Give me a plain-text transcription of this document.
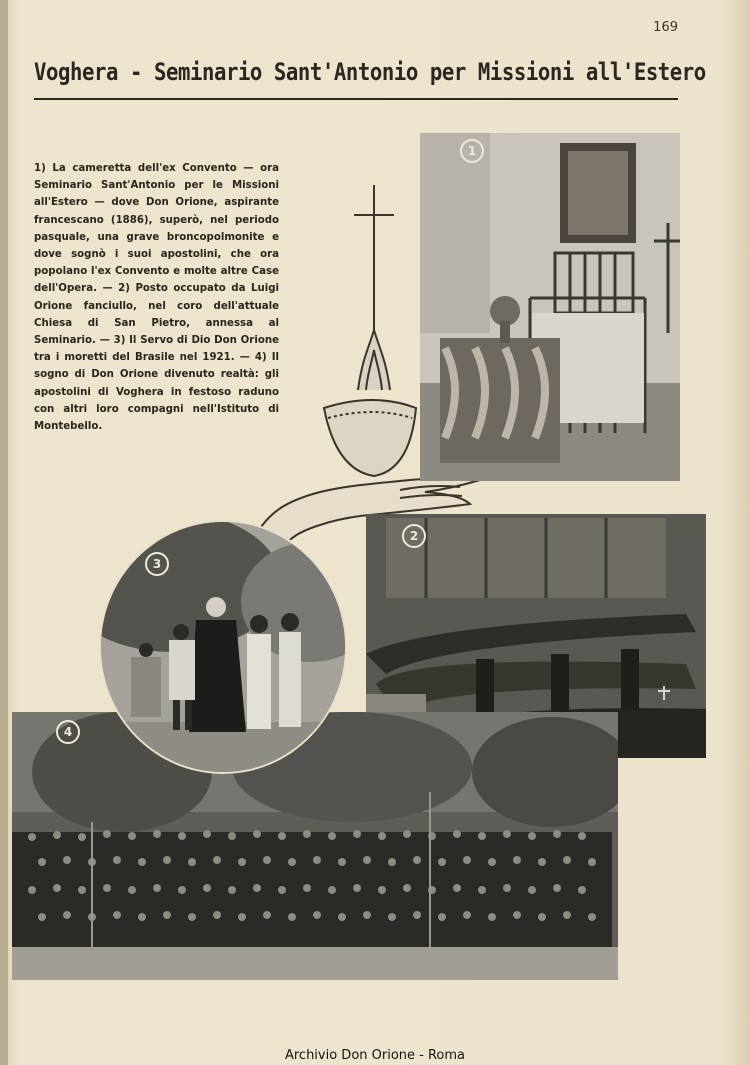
169
Voghera - Seminario Sant'Antonio per Missioni all'Estero
1) La cameretta dell'ex Convento — ora Seminario Sant'Antonio per le Missioni all'Estero — dove Don Orione, aspirante francescano (1886), superò, nel periodo pasquale, una grave broncopolmonite e dove sognò i suoi apostolini, che ora popolano l'ex Convento e molte altre Case dell'Opera. — 2) Posto occupato da Luigi Orione fanciullo, nel coro dell'attuale Chiesa di San Pietro, annessa al Seminario. — 3) Il Servo di Dio Don Orione tra i moretti del Brasile nel 1921. — 4) Il sogno di Don Orione divenuto realtà: gli apostolini di Voghera in festoso raduno con altri loro compagni nell'Istituto di Montebello.
1
2
4
3
Archivio Don Orione - Roma
